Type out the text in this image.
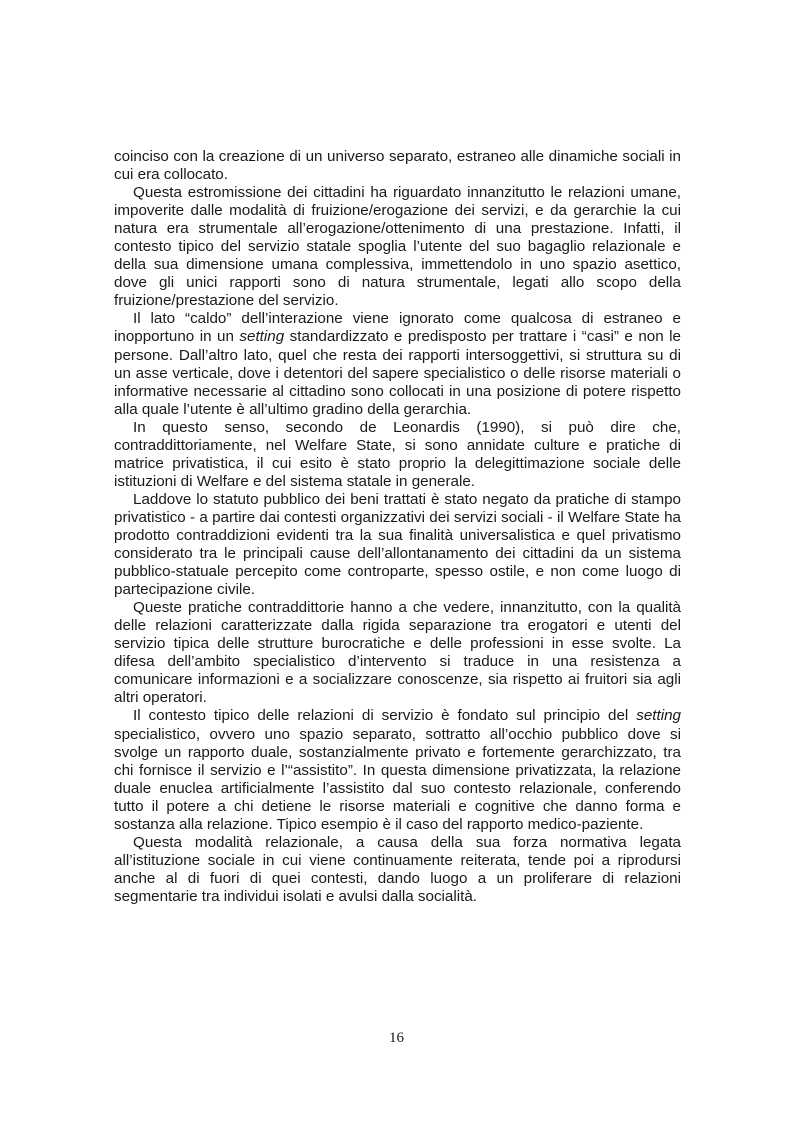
coinciso con la creazione di un universo separato, estraneo alle dinamiche sociali in cui era collocato.

Questa estromissione dei cittadini ha riguardato innanzitutto le relazioni umane, impoverite dalle modalità di fruizione/erogazione dei servizi, e da gerarchie la cui natura era strumentale all’erogazione/ottenimento di una prestazione. Infatti, il contesto tipico del servizio statale spoglia l’utente del suo bagaglio relazionale e della sua dimensione umana complessiva, immettendolo in uno spazio asettico, dove gli unici rapporti sono di natura strumentale, legati allo scopo della fruizione/prestazione del servizio.

Il lato “caldo” dell’interazione viene ignorato come qualcosa di estraneo e inopportuno in un setting standardizzato e predisposto per trattare i “casi” e non le persone. Dall’altro lato, quel che resta dei rapporti intersoggettivi, si struttura su di un asse verticale, dove i detentori del sapere specialistico o delle risorse materiali o informative necessarie al cittadino sono collocati in una posizione di potere rispetto alla quale l’utente è all’ultimo gradino della gerarchia.

In questo senso, secondo de Leonardis (1990), si può dire che, contraddittoriamente, nel Welfare State, si sono annidate culture e pratiche di matrice privatistica, il cui esito è stato proprio la delegittimazione sociale delle istituzioni di Welfare e del sistema statale in generale.

Laddove lo statuto pubblico dei beni trattati è stato negato da pratiche di stampo privatistico - a partire dai contesti organizzativi dei servizi sociali - il Welfare State ha prodotto contraddizioni evidenti tra la sua finalità universalistica e quel privatismo considerato tra le principali cause dell’allontanamento dei cittadini da un sistema pubblico-statuale percepito come controparte, spesso ostile, e non come luogo di partecipazione civile.

Queste pratiche contraddittorie hanno a che vedere, innanzitutto, con la qualità delle relazioni caratterizzate dalla rigida separazione tra erogatori e utenti del servizio tipica delle strutture burocratiche e delle professioni in esse svolte. La difesa dell’ambito specialistico d’intervento si traduce in una resistenza a comunicare informazioni e a socializzare conoscenze, sia rispetto ai fruitori sia agli altri operatori.

Il contesto tipico delle relazioni di servizio è fondato sul principio del setting specialistico, ovvero uno spazio separato, sottratto all’occhio pubblico dove si svolge un rapporto duale, sostanzialmente privato e fortemente gerarchizzato, tra chi fornisce il servizio e l’“assistito”. In questa dimensione privatizzata, la relazione duale enuclea artificialmente l’assistito dal suo contesto relazionale, conferendo tutto il potere a chi detiene le risorse materiali e cognitive che danno forma e sostanza alla relazione. Tipico esempio è il caso del rapporto medico-paziente.

Questa modalità relazionale, a causa della sua forza normativa legata all’istituzione sociale in cui viene continuamente reiterata, tende poi a riprodursi anche al di fuori di quei contesti, dando luogo a un proliferare di relazioni segmentarie tra individui isolati e avulsi dalla socialità.

16
